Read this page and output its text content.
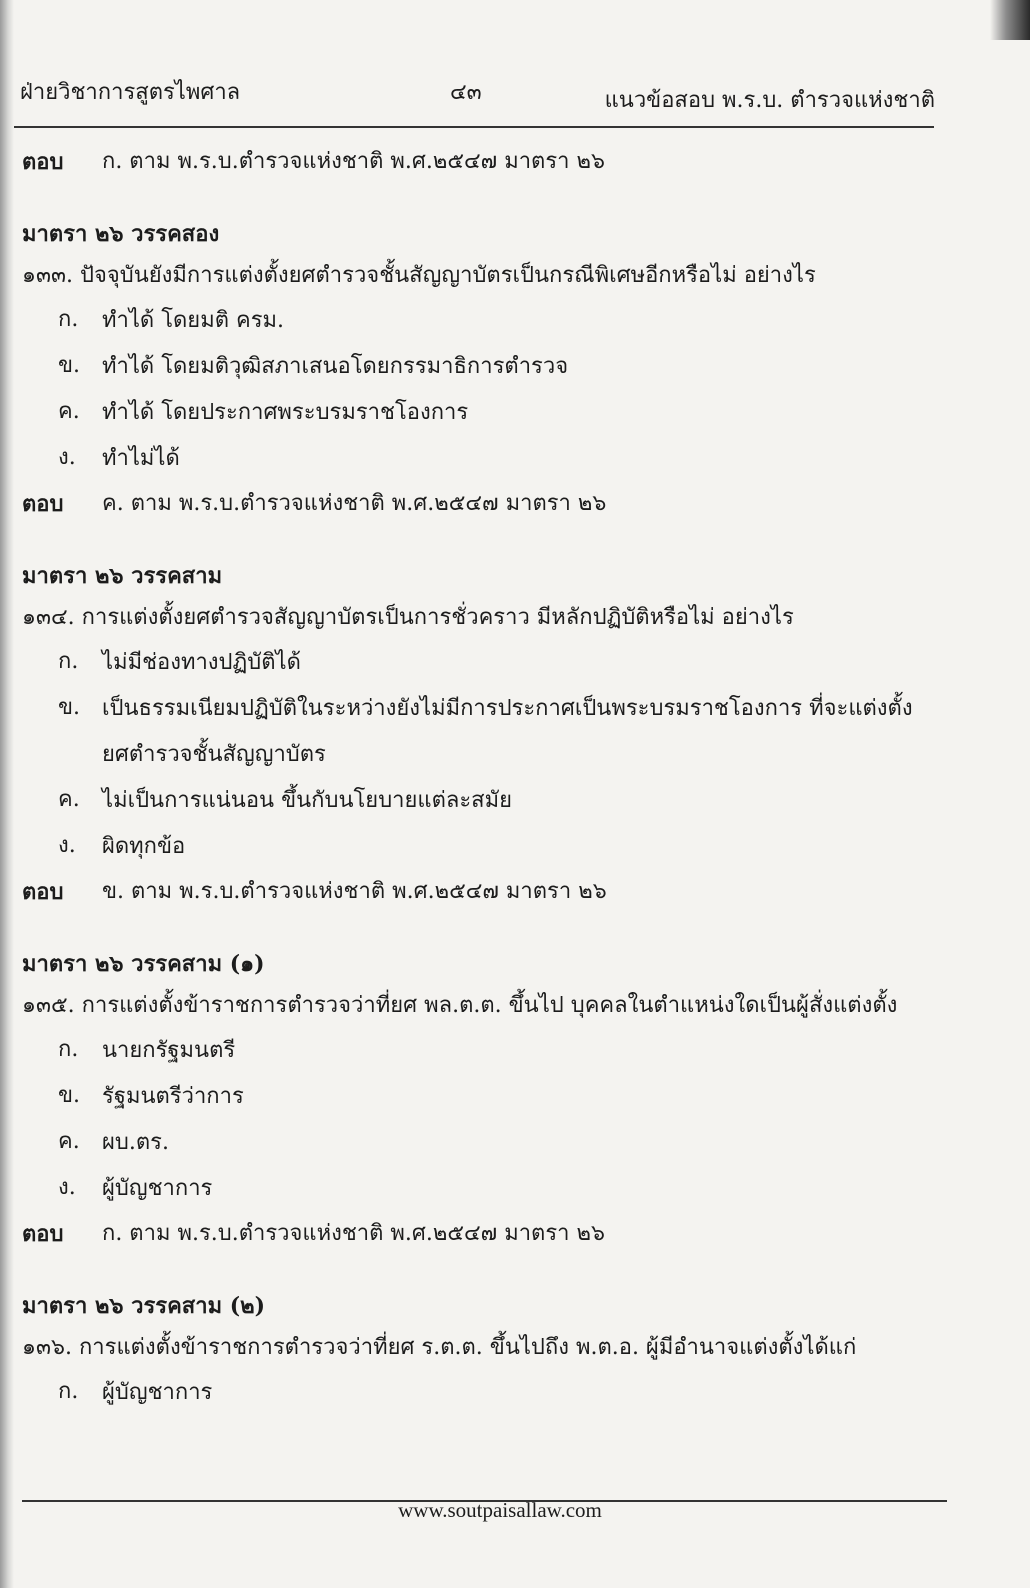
ฝ่ายวิชาการสูตรไพศาล	๔๓	แนวข้อสอบ พ.ร.บ. ตำรวจแห่งชาติ
ตอบ	ก. ตาม พ.ร.บ.ตำรวจแห่งชาติ พ.ศ.๒๕๔๗ มาตรา ๒๖
มาตรา ๒๖ วรรคสอง
๑๓๓. ปัจจุบันยังมีการแต่งตั้งยศตำรวจชั้นสัญญาบัตรเป็นกรณีพิเศษอีกหรือไม่ อย่างไร
ก.	ทำได้ โดยมติ ครม.
ข. ทำได้ โดยมติวุฒิสภาเสนอโดยกรรมาธิการตำรวจ
ค.	ทำได้ โดยประกาศพระบรมราชโองการ
ง.	ทำไม่ได้
ตอบ	ค. ตาม พ.ร.บ.ตำรวจแห่งชาติ พ.ศ.๒๕๔๗ มาตรา ๒๖
มาตรา ๒๖ วรรคสาม
๑๓๔. การแต่งตั้งยศตำรวจสัญญาบัตรเป็นการชั่วคราว มีหลักปฏิบัติหรือไม่ อย่างไร
ก.	ไม่มีช่องทางปฏิบัติได้
ข. เป็นธรรมเนียมปฏิบัติในระหว่างยังไม่มีการประกาศเป็นพระบรมราชโองการ ที่จะแต่งตั้งยศตำรวจชั้นสัญญาบัตร
ค.	ไม่เป็นการแน่นอน ขึ้นกับนโยบายแต่ละสมัย
ง.	ผิดทุกข้อ
ตอบ	ข. ตาม พ.ร.บ.ตำรวจแห่งชาติ พ.ศ.๒๕๔๗ มาตรา ๒๖
มาตรา ๒๖ วรรคสาม (๑)
๑๓๕. การแต่งตั้งข้าราชการตำรวจว่าที่ยศ พล.ต.ต. ขึ้นไป บุคคลในตำแหน่งใดเป็นผู้สั่งแต่งตั้ง
ก.	นายกรัฐมนตรี
ข. รัฐมนตรีว่าการ
ค.	ผบ.ตร.
ง.	ผู้บัญชาการ
ตอบ	ก. ตาม พ.ร.บ.ตำรวจแห่งชาติ พ.ศ.๒๕๔๗ มาตรา ๒๖
มาตรา ๒๖ วรรคสาม (๒)
๑๓๖. การแต่งตั้งข้าราชการตำรวจว่าที่ยศ ร.ต.ต. ขึ้นไปถึง พ.ต.อ. ผู้มีอำนาจแต่งตั้งได้แก่
ก.	ผู้บัญชาการ
www.soutpaisallaw.com
